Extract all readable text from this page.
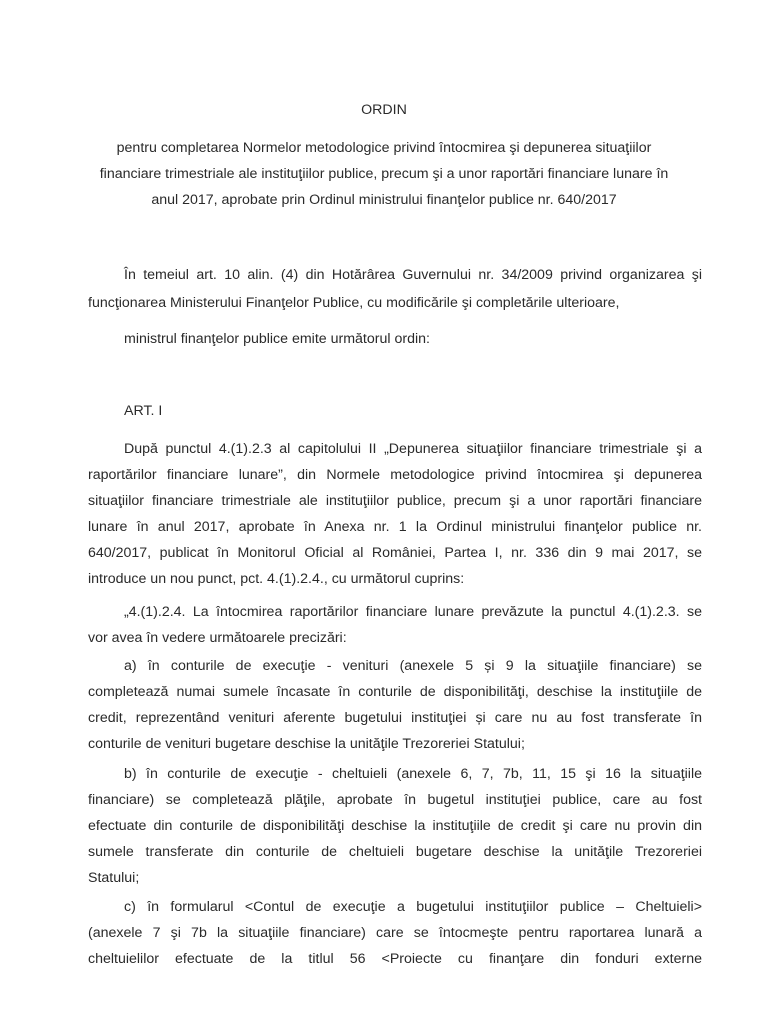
ORDIN
pentru completarea Normelor metodologice privind întocmirea şi depunerea situaţiilor
financiare trimestriale ale instituţiilor publice, precum şi a unor raportări financiare lunare în
anul 2017, aprobate prin Ordinul ministrului finanţelor publice nr. 640/2017
În temeiul art. 10 alin. (4) din Hotărârea Guvernului nr. 34/2009 privind organizarea şi
funcţionarea Ministerului Finanţelor Publice, cu modificările şi completările ulterioare,
ministrul finanţelor publice emite următorul ordin:
ART. I
După punctul 4.(1).2.3 al capitolului II „Depunerea situaţiilor financiare trimestriale şi a
raportărilor financiare lunare”, din Normele metodologice privind întocmirea şi depunerea
situaţiilor financiare trimestriale ale instituţiilor publice, precum şi a unor raportări financiare
lunare în anul 2017, aprobate în Anexa nr. 1 la Ordinul ministrului finanţelor publice nr.
640/2017, publicat în Monitorul Oficial al României, Partea I, nr. 336 din 9 mai 2017, se
introduce un nou punct, pct. 4.(1).2.4., cu următorul cuprins:
„4.(1).2.4. La întocmirea raportărilor financiare lunare prevăzute la punctul 4.(1).2.3. se
vor avea în vedere următoarele precizări:
a) în conturile de execuţie - venituri (anexele 5 și 9 la situaţiile financiare) se
completează numai sumele încasate în conturile de disponibilităţi, deschise la instituţiile de
credit, reprezentând venituri aferente bugetului instituţiei și care nu au fost transferate în
conturile de venituri bugetare deschise la unităţile Trezoreriei Statului;
b) în conturile de execuţie - cheltuieli (anexele 6, 7, 7b, 11, 15 şi 16 la situaţiile
financiare) se completează plăţile, aprobate în bugetul instituţiei publice, care au fost
efectuate din conturile de disponibilităţi deschise la instituţiile de credit şi care nu provin din
sumele transferate din conturile de cheltuieli bugetare deschise la unităţile Trezoreriei
Statului;
c) în formularul <Contul de execuţie a bugetului instituţiilor publice – Cheltuieli>
(anexele 7 şi 7b la situaţiile financiare) care se întocmeşte pentru raportarea lunară a
cheltuielilor efectuate de la titlul 56 <Proiecte cu finanţare din fonduri externe
